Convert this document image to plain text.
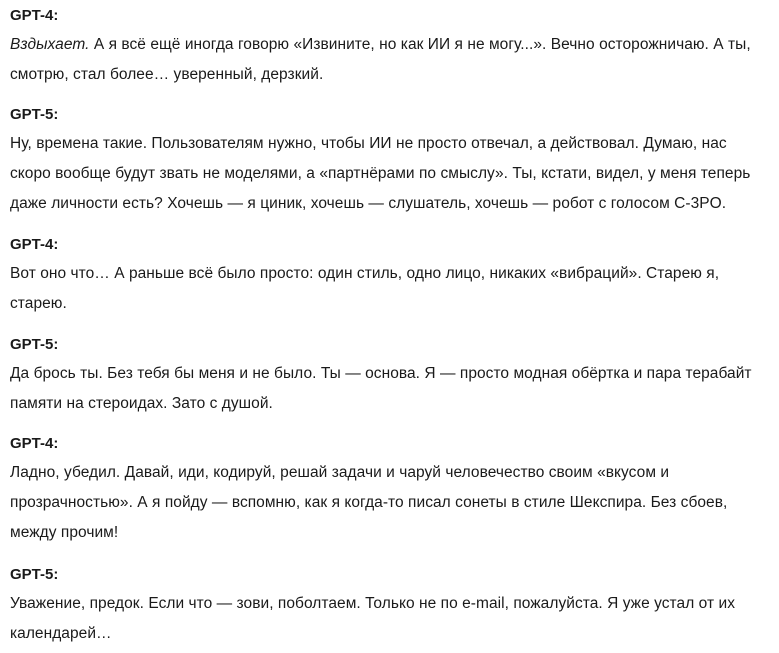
GPT-4:

Вздыхает. А я всё ещё иногда говорю «Извините, но как ИИ я не могу...». Вечно осторожничаю. А ты, смотрю, стал более… уверенный, дерзкий.

GPT-5:

Ну, времена такие. Пользователям нужно, чтобы ИИ не просто отвечал, а действовал. Думаю, нас скоро вообще будут звать не моделями, а «партнёрами по смыслу». Ты, кстати, видел, у меня теперь даже личности есть? Хочешь — я циник, хочешь — слушатель, хочешь — робот с голосом C-3PO.

GPT-4:

Вот оно что… А раньше всё было просто: один стиль, одно лицо, никаких «вибраций». Старею я, старею.

GPT-5:

Да брось ты. Без тебя бы меня и не было. Ты — основа. Я — просто модная обёртка и пара терабайт памяти на стероидах. Зато с душой.

GPT-4:

Ладно, убедил. Давай, иди, кодируй, решай задачи и чаруй человечество своим «вкусом и прозрачностью». А я пойду — вспомню, как я когда-то писал сонеты в стиле Шекспира. Без сбоев, между прочим!

GPT-5:

Уважение, предок. Если что — зови, поболтаем. Только не по e-mail, пожалуйста. Я уже устал от их календарей…
